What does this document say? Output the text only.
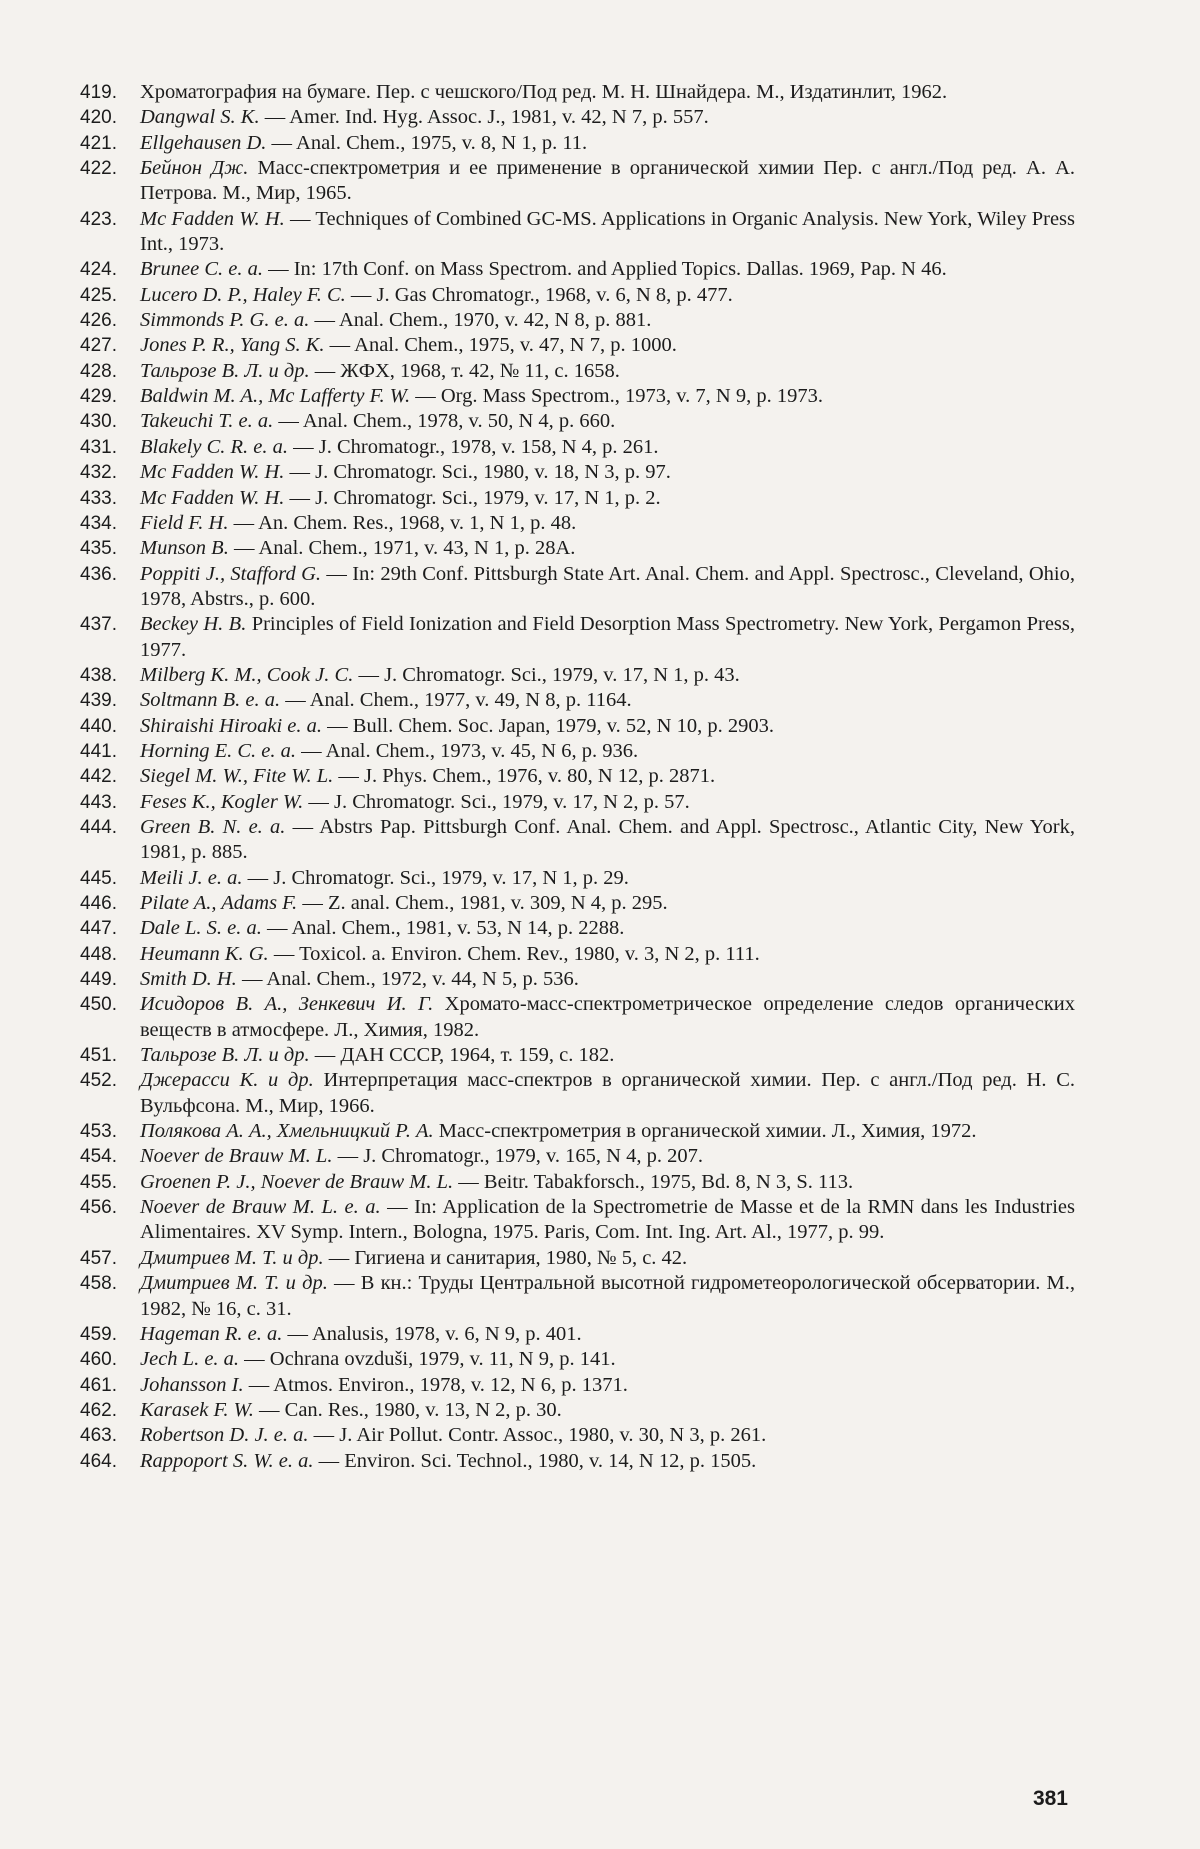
419.	Хроматография на бумаге. Пер. с чешского/Под ред. М. Н. Шнайдера. М., Издатинлит, 1962.
420.	Dangwal S. K. — Amer. Ind. Hyg. Assoc. J., 1981, v. 42, N 7, p. 557.
421.	Ellgehausen D. — Anal. Chem., 1975, v. 8, N 1, p. 11.
422.	Бейнон Дж. Масс-спектрометрия и ее применение в органической химии Пер. с англ./Под ред. А. А. Петрова. М., Мир, 1965.
423.	Mc Fadden W. H. — Techniques of Combined GC-MS. Applications in Organic Analysis. New York, Wiley Press Int., 1973.
424.	Brunee C. e. a. — In: 17th Conf. on Mass Spectrom. and Applied Topics. Dallas. 1969, Pap. N 46.
425.	Lucero D. P., Haley F. C. — J. Gas Chromatogr., 1968, v. 6, N 8, p. 477.
426.	Simmonds P. G. e. a. — Anal. Chem., 1970, v. 42, N 8, p. 881.
427.	Jones P. R., Yang S. K. — Anal. Chem., 1975, v. 47, N 7, p. 1000.
428.	Тальрозе В. Л. и др. — ЖФХ, 1968, т. 42, № 11, с. 1658.
429.	Baldwin M. A., Mc Lafferty F. W. — Org. Mass Spectrom., 1973, v. 7, N 9, p. 1973.
430.	Takeuchi T. e. a. — Anal. Chem., 1978, v. 50, N 4, p. 660.
431.	Blakely C. R. e. a. — J. Chromatogr., 1978, v. 158, N 4, p. 261.
432.	Mc Fadden W. H. — J. Chromatogr. Sci., 1980, v. 18, N 3, p. 97.
433.	Mc Fadden W. H. — J. Chromatogr. Sci., 1979, v. 17, N 1, p. 2.
434.	Field F. H. — An. Chem. Res., 1968, v. 1, N 1, p. 48.
435.	Munson B. — Anal. Chem., 1971, v. 43, N 1, p. 28A.
436.	Poppiti J., Stafford G. — In: 29th Conf. Pittsburgh State Art. Anal. Chem. and Appl. Spectrosc., Cleveland, Ohio, 1978, Abstrs., p. 600.
437.	Beckey H. B. Principles of Field Ionization and Field Desorption Mass Spectrometry. New York, Pergamon Press, 1977.
438.	Milberg K. M., Cook J. C. — J. Chromatogr. Sci., 1979, v. 17, N 1, p. 43.
439.	Soltmann B. e. a. — Anal. Chem., 1977, v. 49, N 8, p. 1164.
440.	Shiraishi Hiroaki e. a. — Bull. Chem. Soc. Japan, 1979, v. 52, N 10, p. 2903.
441.	Horning E. C. e. a. — Anal. Chem., 1973, v. 45, N 6, p. 936.
442.	Siegel M. W., Fite W. L. — J. Phys. Chem., 1976, v. 80, N 12, p. 2871.
443.	Feses K., Kogler W. — J. Chromatogr. Sci., 1979, v. 17, N 2, p. 57.
444.	Green B. N. e. a. — Abstrs Pap. Pittsburgh Conf. Anal. Chem. and Appl. Spectrosc., Atlantic City, New York, 1981, p. 885.
445.	Meili J. e. a. — J. Chromatogr. Sci., 1979, v. 17, N 1, p. 29.
446.	Pilate A., Adams F. — Z. anal. Chem., 1981, v. 309, N 4, p. 295.
447.	Dale L. S. e. a. — Anal. Chem., 1981, v. 53, N 14, p. 2288.
448.	Heumann K. G. — Toxicol. a. Environ. Chem. Rev., 1980, v. 3, N 2, p. 111.
449.	Smith D. H. — Anal. Chem., 1972, v. 44, N 5, p. 536.
450.	Исидоров В. А., Зенкевич И. Г. Хромато-масс-спектрометрическое определение следов органических веществ в атмосфере. Л., Химия, 1982.
451.	Тальрозе В. Л. и др. — ДАН СССР, 1964, т. 159, с. 182.
452.	Джерасси К. и др. Интерпретация масс-спектров в органической химии. Пер. с англ./Под ред. Н. С. Вульфсона. М., Мир, 1966.
453.	Полякова А. А., Хмельницкий Р. А. Масс-спектрометрия в органической химии. Л., Химия, 1972.
454.	Noever de Brauw M. L. — J. Chromatogr., 1979, v. 165, N 4, p. 207.
455.	Groenen P. J., Noever de Brauw M. L. — Beitr. Tabakforsch., 1975, Bd. 8, N 3, S. 113.
456.	Noever de Brauw M. L. e. a. — In: Application de la Spectrometrie de Masse et de la RMN dans les Industries Alimentaires. XV Symp. Intern., Bologna, 1975. Paris, Com. Int. Ing. Art. Al., 1977, p. 99.
457.	Дмитриев М. Т. и др. — Гигиена и санитария, 1980, № 5, с. 42.
458.	Дмитриев М. Т. и др. — В кн.: Труды Центральной высотной гидрометеорологической обсерватории. М., 1982, № 16, с. 31.
459.	Hageman R. e. a. — Analusis, 1978, v. 6, N 9, p. 401.
460.	Jech L. e. a. — Ochrana ovzduši, 1979, v. 11, N 9, p. 141.
461.	Johansson I. — Atmos. Environ., 1978, v. 12, N 6, p. 1371.
462.	Karasek F. W. — Can. Res., 1980, v. 13, N 2, p. 30.
463.	Robertson D. J. e. a. — J. Air Pollut. Contr. Assoc., 1980, v. 30, N 3, p. 261.
464.	Rappoport S. W. e. a. — Environ. Sci. Technol., 1980, v. 14, N 12, p. 1505.
381
